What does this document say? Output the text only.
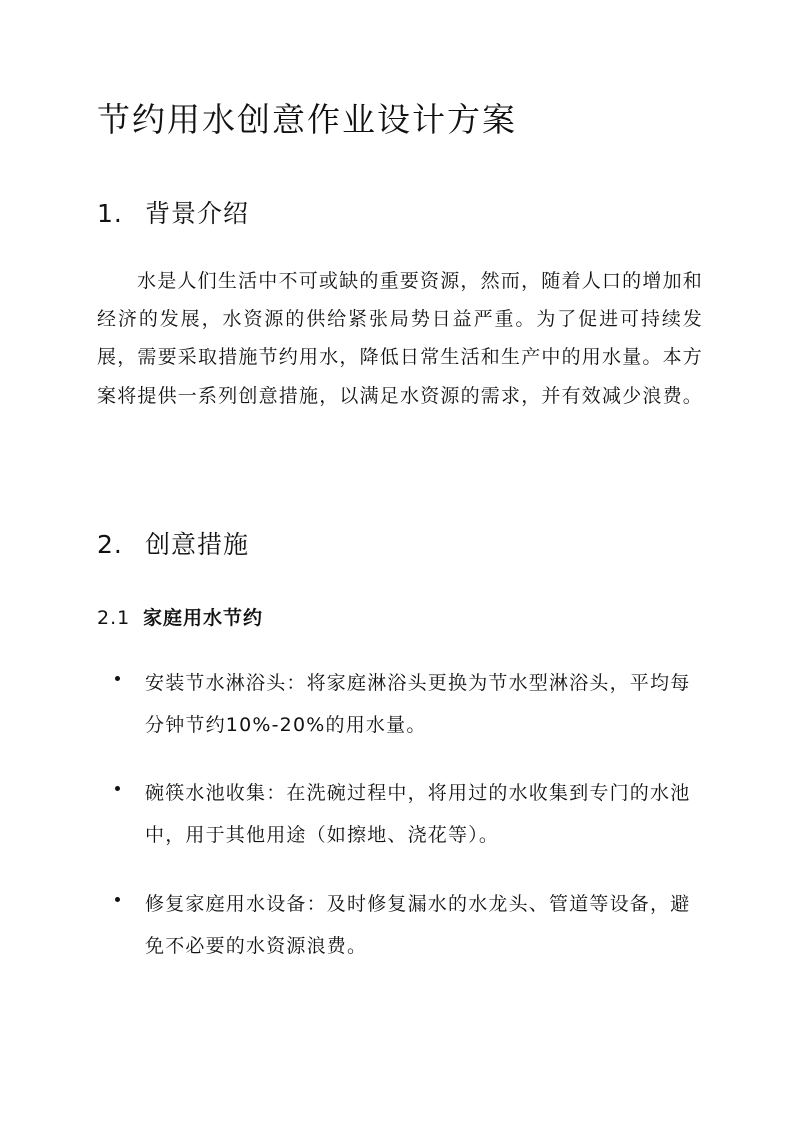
节约用水创意作业设计方案
1. 背景介绍

水是人们生活中不可或缺的重要资源，然而，随着人口的增加和经济的发展，水资源的供给紧张局势日益严重。为了促进可持续发展，需要采取措施节约用水，降低日常生活和生产中的用水量。本方案将提供一系列创意措施，以满足水资源的需求，并有效减少浪费。

2. 创意措施
2.1 家庭用水节约
安装节水淋浴头：将家庭淋浴头更换为节水型淋浴头，平均每分钟节约10%-20%的用水量。
碗筷水池收集：在洗碗过程中，将用过的水收集到专门的水池中，用于其他用途（如擦地、浇花等）。
修复家庭用水设备：及时修复漏水的水龙头、管道等设备，避免不必要的水资源浪费。
